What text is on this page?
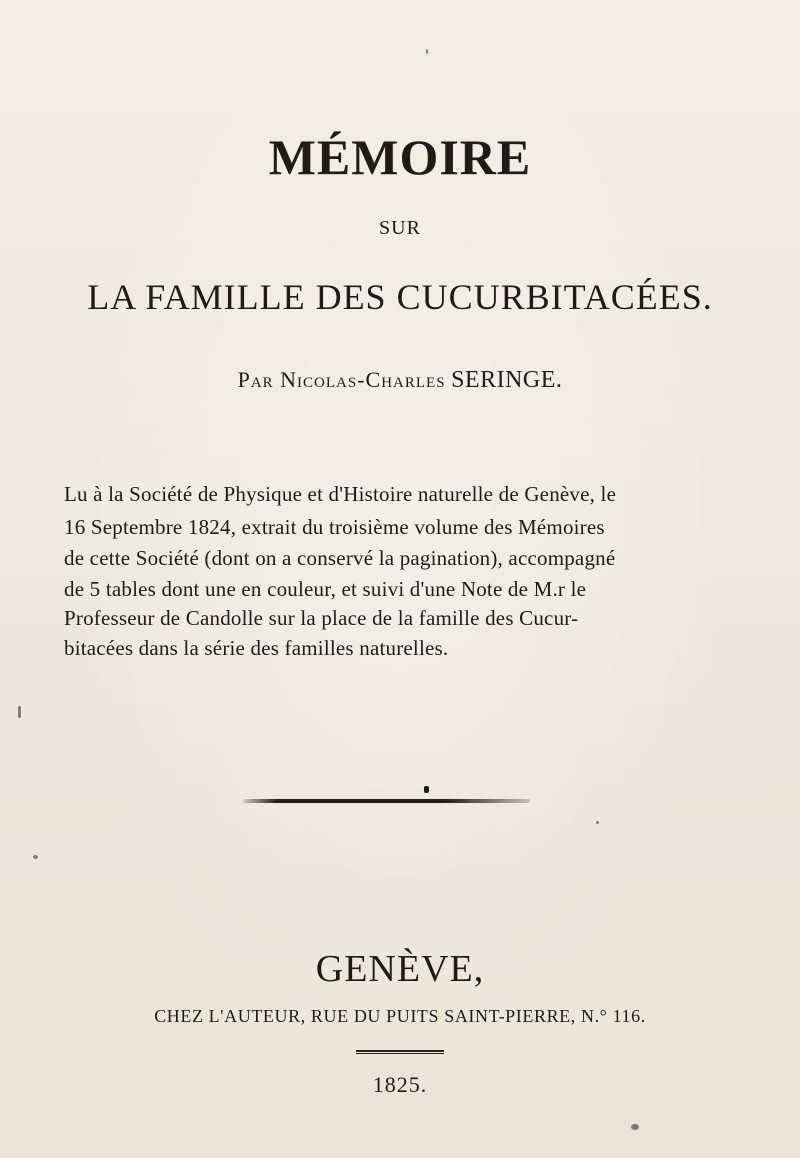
MÉMOIRE
SUR
LA FAMILLE DES CUCURBITACÉES.
Par Nicolas-Charles SERINGE.
Lu à la Société de Physique et d'Histoire naturelle de Genève, le
16 Septembre 1824, extrait du troisième volume des Mémoires
de cette Société (dont on a conservé la pagination), accompagné
de 5 tables dont une en couleur, et suivi d'une Note de M.r le
Professeur de Candolle sur la place de la famille des Cucur-
bitacées dans la série des familles naturelles.
GENÈVE,
CHEZ L'AUTEUR, RUE DU PUITS SAINT-PIERRE, N.° 116.
1825.
